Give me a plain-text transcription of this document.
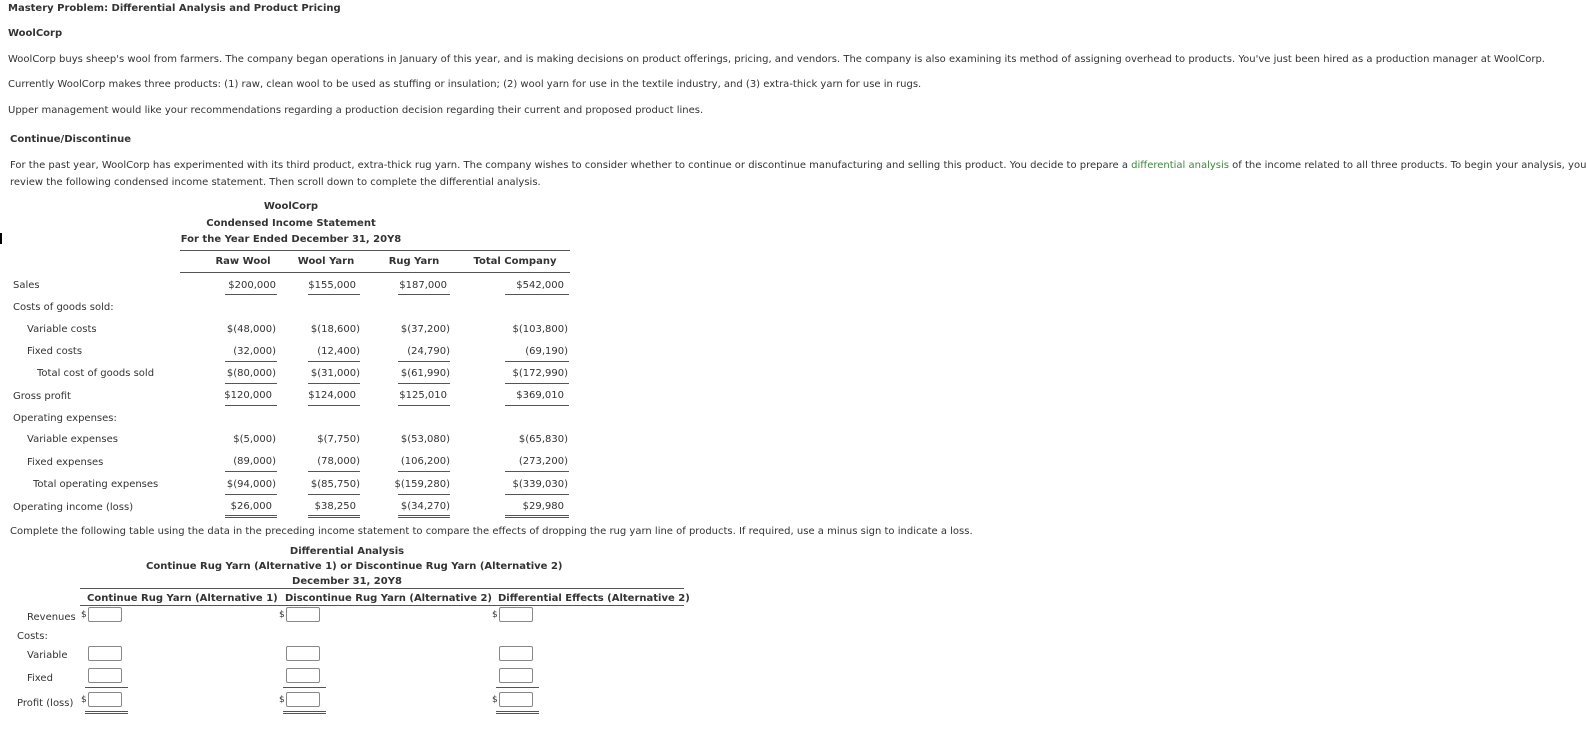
Mastery Problem: Differential Analysis and Product Pricing
WoolCorp
WoolCorp buys sheep's wool from farmers. The company began operations in January of this year, and is making decisions on product offerings, pricing, and vendors. The company is also examining its method of assigning overhead to products. You've just been hired as a production manager at WoolCorp.
Currently WoolCorp makes three products: (1) raw, clean wool to be used as stuffing or insulation; (2) wool yarn for use in the textile industry, and (3) extra-thick yarn for use in rugs.
Upper management would like your recommendations regarding a production decision regarding their current and proposed product lines.
Continue/Discontinue
For the past year, WoolCorp has experimented with its third product, extra-thick rug yarn. The company wishes to consider whether to continue or discontinue manufacturing and selling this product. You decide to prepare a differential analysis of the income related to all three products. To begin your analysis, you
review the following condensed income statement. Then scroll down to complete the differential analysis.
WoolCorp
Condensed Income Statement
For the Year Ended December 31, 20Y8
Raw Wool	Wool Yarn	Rug Yarn	Total Company
Sales	$200,000	$155,000	$187,000	$542,000
Costs of goods sold:
Variable costs	$(48,000)	$(18,600)	$(37,200)	$(103,800)
Fixed costs	(32,000)	(12,400)	(24,790)	(69,190)
Total cost of goods sold	$(80,000)	$(31,000)	$(61,990)	$(172,990)
Gross profit	$120,000	$124,000	$125,010	$369,010
Operating expenses:
Variable expenses	$(5,000)	$(7,750)	$(53,080)	$(65,830)
Fixed expenses	(89,000)	(78,000)	(106,200)	(273,200)
Total operating expenses	$(94,000)	$(85,750)	$(159,280)	$(339,030)
Operating income (loss)	$26,000	$38,250	$(34,270)	$29,980
Complete the following table using the data in the preceding income statement to compare the effects of dropping the rug yarn line of products. If required, use a minus sign to indicate a loss.
Differential Analysis
Continue Rug Yarn (Alternative 1) or Discontinue Rug Yarn (Alternative 2)
December 31, 20Y8
Continue Rug Yarn (Alternative 1) Discontinue Rug Yarn (Alternative 2) Differential Effects (Alternative 2)
Revenues $	$	$
Costs:
Variable
Fixed
Profit (loss) $	$	$
